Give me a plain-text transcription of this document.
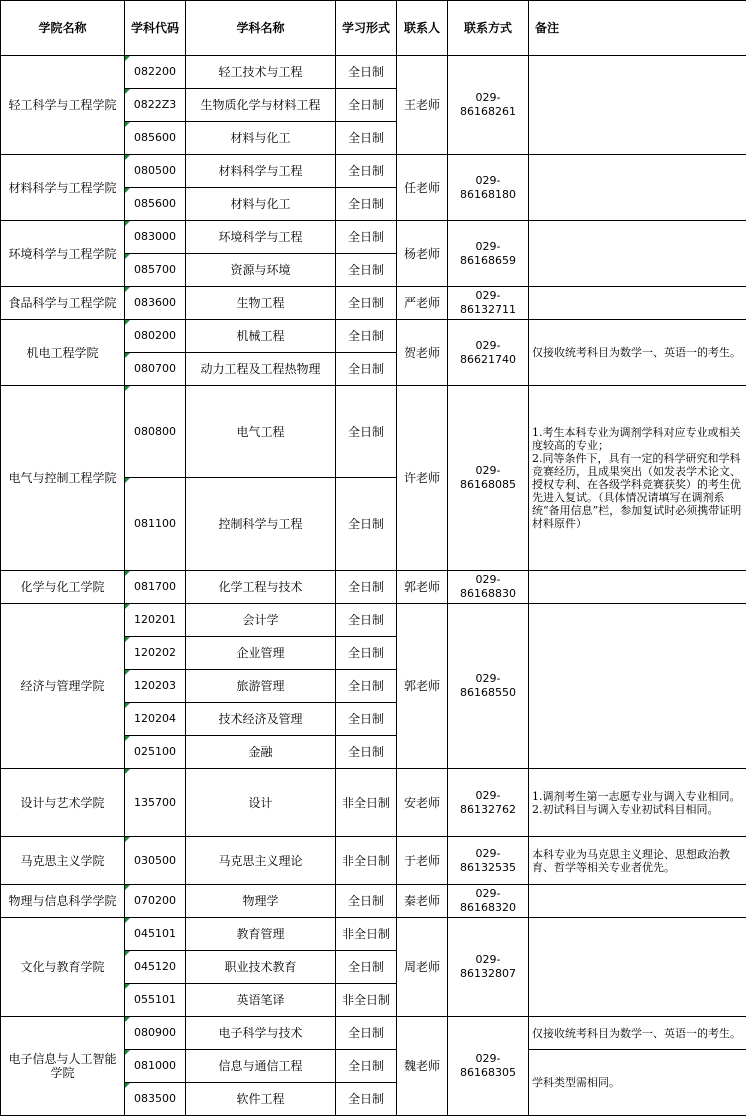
学院名称	学科代码	学科名称	学习形式	联系人	联系方式	备注
轻工科学与工程学院	082200	轻工技术与工程	全日制	王老师	029-86168261	
	0822Z3	生物质化学与材料工程	全日制			
	085600	材料与化工	全日制			
材料科学与工程学院	080500	材料科学与工程	全日制	任老师	029-86168180	
	085600	材料与化工	全日制			
环境科学与工程学院	083000	环境科学与工程	全日制	杨老师	029-86168659	
	085700	资源与环境	全日制			
食品科学与工程学院	083600	生物工程	全日制	严老师	029-86132711	
机电工程学院	080200	机械工程	全日制	贺老师	029-86621740	仅接收统考科目为数学一、英语一的考生。
	080700	动力工程及工程热物理	全日制			
电气与控制工程学院	080800	电气工程	全日制	许老师	029-86168085	1.考生本科专业为调剂学科对应专业或相关度较高的专业；
2.同等条件下，具有一定的科学研究和学科竞赛经历，且成果突出（如发表学术论文、授权专利、在各级学科竞赛获奖）的考生优先进入复试。（具体情况请填写在调剂系统“备用信息”栏，参加复试时必须携带证明材料原件）
	081100	控制科学与工程	全日制			
化学与化工学院	081700	化学工程与技术	全日制	郭老师	029-86168830	
经济与管理学院	120201	会计学	全日制	郭老师	029-86168550	
	120202	企业管理	全日制			
	120203	旅游管理	全日制			
	120204	技术经济及管理	全日制			
	025100	金融	全日制			
设计与艺术学院	135700	设计	非全日制	安老师	029-86132762	1.调剂考生第一志愿专业与调入专业相同。
2.初试科目与调入专业初试科目相同。
马克思主义学院	030500	马克思主义理论	非全日制	于老师	029-86132535	本科专业为马克思主义理论、思想政治教育、哲学等相关专业者优先。
物理与信息科学学院	070200	物理学	全日制	秦老师	029-86168320	
文化与教育学院	045101	教育管理	非全日制	周老师	029-86132807	
	045120	职业技术教育	全日制			
	055101	英语笔译	非全日制			
电子信息与人工智能学院	080900	电子科学与技术	全日制	魏老师	029-86168305	仅接收统考科目为数学一、英语一的考生。
	081000	信息与通信工程	全日制			学科类型需相同。
	083500	软件工程	全日制			
